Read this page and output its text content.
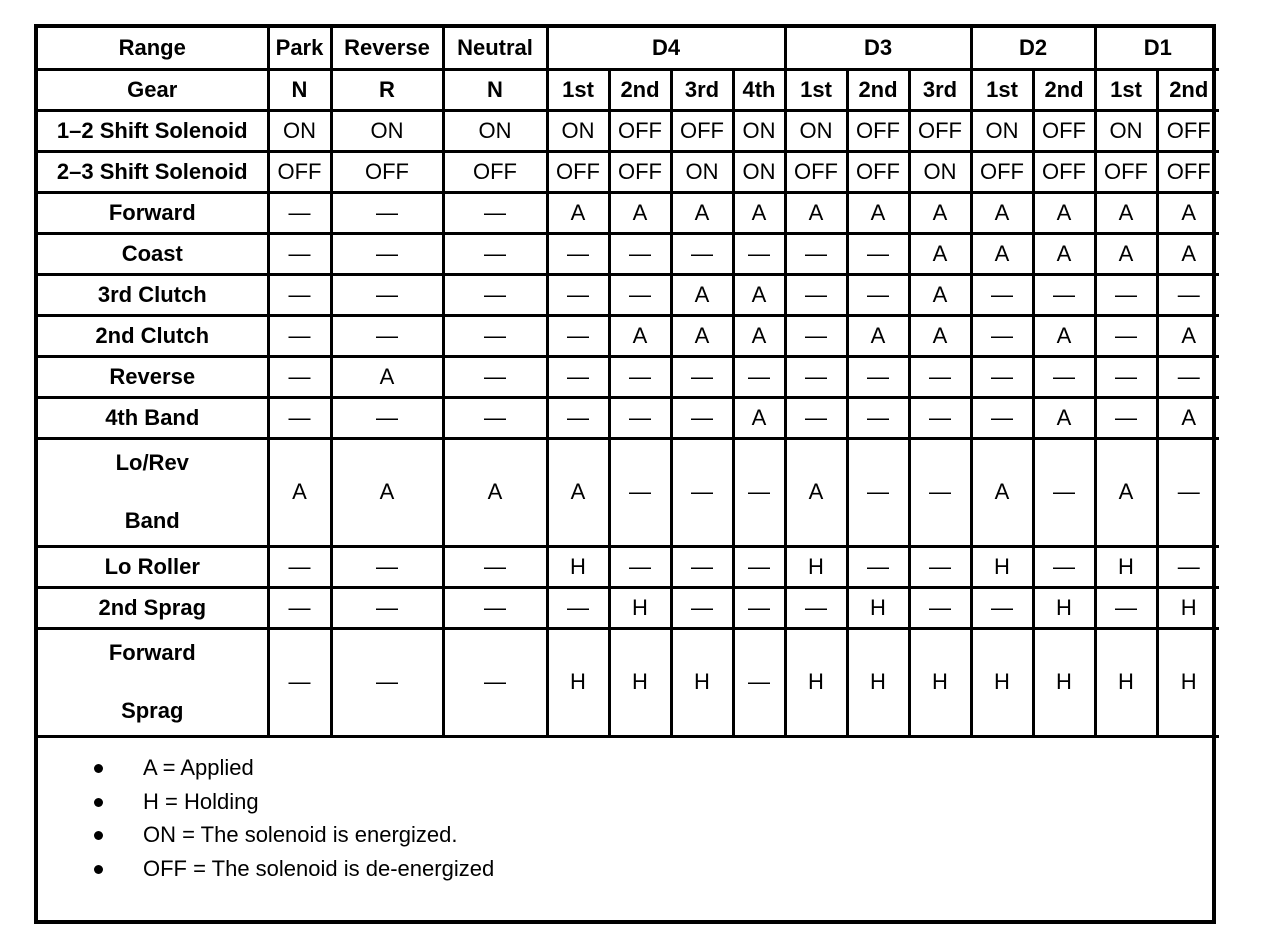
Range	Park	Reverse	Neutral	D4				D3			D2		D1	
Gear	N	R	N	1st	2nd	3rd	4th	1st	2nd	3rd	1st	2nd	1st	2nd
1–2 Shift Solenoid	ON	ON	ON	ON	OFF	OFF	ON	ON	OFF	OFF	ON	OFF	ON	OFF
2–3 Shift Solenoid	OFF	OFF	OFF	OFF	OFF	ON	ON	OFF	OFF	ON	OFF	OFF	OFF	OFF
Forward	—	—	—	A	A	A	A	A	A	A	A	A	A	A
Coast	—	—	—	—	—	—	—	—	—	A	A	A	A	A
3rd Clutch	—	—	—	—	—	A	A	—	—	A	—	—	—	—
2nd Clutch	—	—	—	—	A	A	A	—	A	A	—	A	—	A
Reverse	—	A	—	—	—	—	—	—	—	—	—	—	—	—
4th Band	—	—	—	—	—	—	A	—	—	—	—	A	—	A

Lo/Rev
Band	A	A	A	A	—	—	—	A	—	—	A	—	A	—
Lo Roller	—	—	—	H	—	—	—	H	—	—	H	—	H	—
2nd Sprag	—	—	—	—	H	—	—	—	H	—	—	H	—	H

Forward
Sprag	—	—	—	H	H	H	—	H	H	H	H	H	H	H
A = Applied
H = Holding
ON = The solenoid is energized.
OFF = The solenoid is de-energized
